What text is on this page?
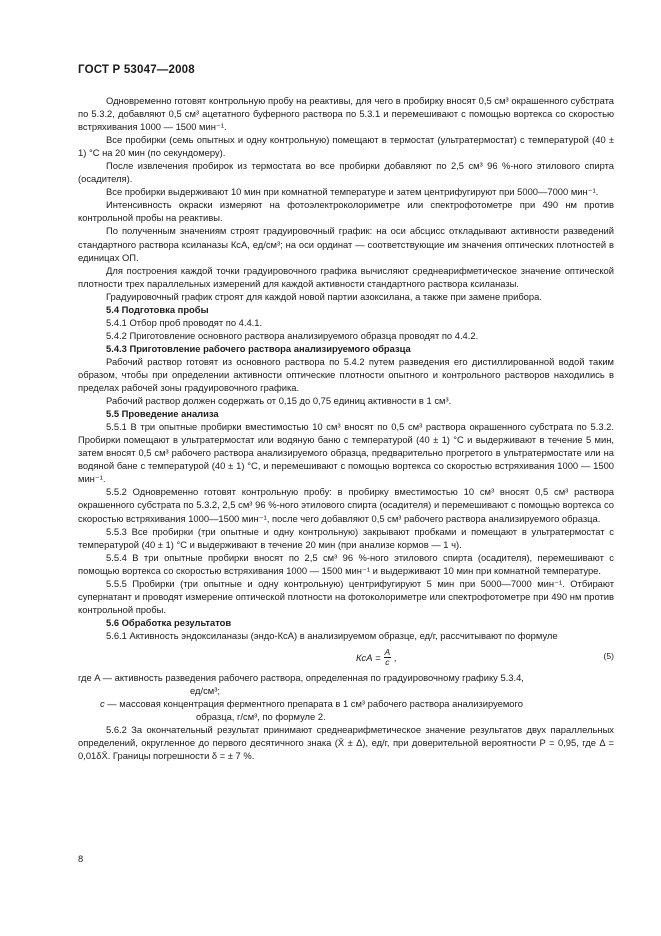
ГОСТ Р 53047—2008

Одновременно готовят контрольную пробу на реактивы, для чего в пробирку вносят 0,5 см³ окрашенного субстрата по 5.3.2, добавляют 0,5 см³ ацетатного буферного раствора по 5.3.1 и перемешивают с помощью вортекса со скоростью встряхивания 1000 — 1500 мин⁻¹.

Все пробирки (семь опытных и одну контрольную) помещают в термостат (ультратермостат) с температурой (40 ± 1) °С на 20 мин (по секундомеру).

После извлечения пробирок из термостата во все пробирки добавляют по 2,5 см³ 96 %-ного этилового спирта (осадителя).

Все пробирки выдерживают 10 мин при комнатной температуре и затем центрифугируют при 5000—7000 мин⁻¹.

Интенсивность окраски измеряют на фотоэлектроколориметре или спектрофотометре при 490 нм против контрольной пробы на реактивы.

По полученным значениям строят градуировочный график: на оси абсцисс откладывают активности разведений стандартного раствора ксиланазы КсА, ед/см³; на оси ординат — соответствующие им значения оптических плотностей в единицах ОП.

Для построения каждой точки градуировочного графика вычисляют среднеарифметическое значение оптической плотности трех параллельных измерений для каждой активности стандартного раствора ксиланазы.

Градуировочный график строят для каждой новой партии азоксилана, а также при замене прибора.

5.4 Подготовка пробы

5.4.1 Отбор проб проводят по 4.4.1.

5.4.2 Приготовление основного раствора анализируемого образца проводят по 4.4.2.

5.4.3 Приготовление рабочего раствора анализируемого образца

Рабочий раствор готовят из основного раствора по 5.4.2 путем разведения его дистиллированной водой таким образом, чтобы при определении активности оптические плотности опытного и контрольного растворов находились в пределах рабочей зоны градуировочного графика.

Рабочий раствор должен содержать от 0,15 до 0,75 единиц активности в 1 см³.

5.5 Проведение анализа

5.5.1 В три опытные пробирки вместимостью 10 см³ вносят по 0,5 см³ раствора окрашенного субстрата по 5.3.2. Пробирки помещают в ультратермостат или водяную баню с температурой (40 ± 1) °С и выдерживают в течение 5 мин, затем вносят 0,5 см³ рабочего раствора анализируемого образца, предварительно прогретого в ультратермостате или на водяной бане с температурой (40 ± 1) °С, и перемешивают с помощью вортекса со скоростью встряхивания 1000 — 1500 мин⁻¹.

5.5.2 Одновременно готовят контрольную пробу: в пробирку вместимостью 10 см³ вносят 0,5 см³ раствора окрашенного субстрата по 5.3.2, 2,5 см³ 96 %-ного этилового спирта (осадителя) и перемешивают с помощью вортекса со скоростью встряхивания 1000—1500 мин⁻¹, после чего добавляют 0,5 см³ рабочего раствора анализируемого образца.

5.5.3 Все пробирки (три опытные и одну контрольную) закрывают пробками и помещают в ультратермостат с температурой (40 ± 1) °С и выдерживают в течение 20 мин (при анализе кормов — 1 ч).

5.5.4 В три опытные пробирки вносят по 2,5 см³ 96 %-ного этилового спирта (осадителя), перемешивают с помощью вортекса со скоростью встряхивания 1000 — 1500 мин⁻¹ и выдерживают 10 мин при комнатной температуре.

5.5.5 Пробирки (три опытные и одну контрольную) центрифугируют 5 мин при 5000—7000 мин⁻¹. Отбирают супернатант и проводят измерение оптической плотности на фотоколориметре или спектрофотометре при 490 нм против контрольной пробы.

5.6 Обработка результатов

5.6.1 Активность эндоксиланазы (эндо-КсА) в анализируемом образце, ед/г, рассчитывают по формуле

КсА = $\frac{A}{c}$ ,	(5)
где
A —
активность разведения рабочего раствора, определенная по градуировочному графику 5.3.4,

ед/см³;

c —
массовая концентрация ферментного препарата в 1 см³ рабочего раствора анализируемого

образца, г/см³, по формуле 2.

5.6.2 За окончательный результат принимают среднеарифметическое значение результатов двух параллельных определений, округленное до первого десятичного знака (X̄ ± Δ), ед/г, при доверительной вероятности P = 0,95, где Δ = 0,01δX̄. Границы погрешности δ = ± 7 %.

8
